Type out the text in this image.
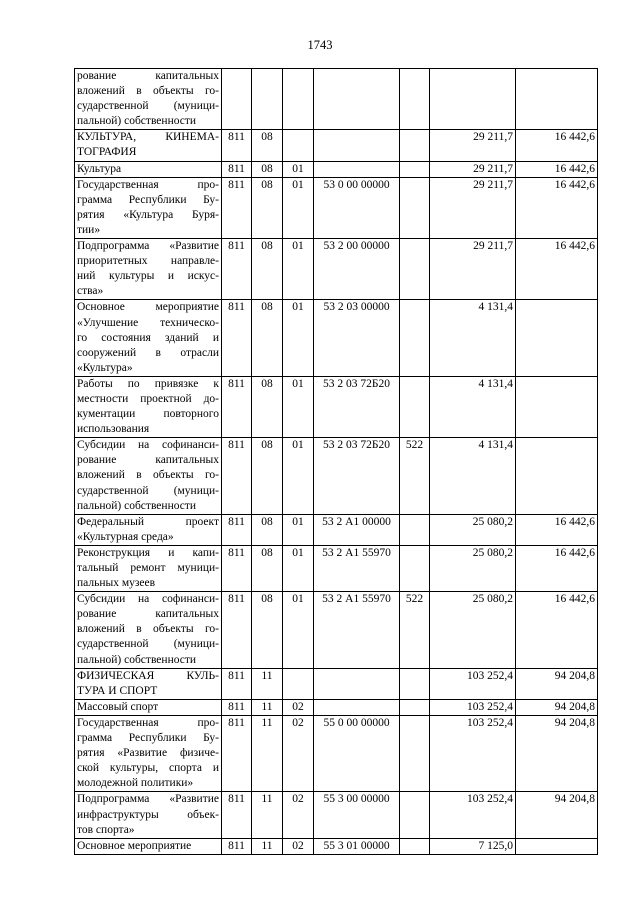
1743
рование капитальных
вложений в объекты го-
сударственной (муници-
пальной) собственности							

КУЛЬТУРА, КИНЕМА-
ТОГРАФИЯ	811	08				29 211,7	16 442,6

Культура	811	08	01			29 211,7	16 442,6

Государственная про-
грамма Республики Бу-
рятия «Культура Буря-
тии»	811	08	01	53 0 00 00000		29 211,7	16 442,6

Подпрограмма «Развитие
приоритетных направле-
ний культуры и искус-
ства»	811	08	01	53 2 00 00000		29 211,7	16 442,6

Основное мероприятие
«Улучшение техническо-
го состояния зданий и
сооружений в отрасли
«Культура»	811	08	01	53 2 03 00000		4 131,4	

Работы по привязке к
местности проектной до-
кументации повторного
использования	811	08	01	53 2 03 72Б20		4 131,4	

Субсидии на софинанси-
рование капитальных
вложений в объекты го-
сударственной (муници-
пальной) собственности	811	08	01	53 2 03 72Б20	522	4 131,4	

Федеральный проект
«Культурная среда»	811	08	01	53 2 А1 00000		25 080,2	16 442,6

Реконструкция и капи-
тальный ремонт муници-
пальных музеев	811	08	01	53 2 А1 55970		25 080,2	16 442,6

Субсидии на софинанси-
рование капитальных
вложений в объекты го-
сударственной (муници-
пальной) собственности	811	08	01	53 2 А1 55970	522	25 080,2	16 442,6

ФИЗИЧЕСКАЯ КУЛЬ-
ТУРА И СПОРТ	811	11				103 252,4	94 204,8

Массовый спорт	811	11	02			103 252,4	94 204,8

Государственная про-
грамма Республики Бу-
рятия «Развитие физиче-
ской культуры, спорта и
молодежной политики»	811	11	02	55 0 00 00000		103 252,4	94 204,8

Подпрограмма «Развитие
инфраструктуры объек-
тов спорта»	811	11	02	55 3 00 00000		103 252,4	94 204,8

Основное мероприятие	811	11	02	55 3 01 00000		7 125,0	
